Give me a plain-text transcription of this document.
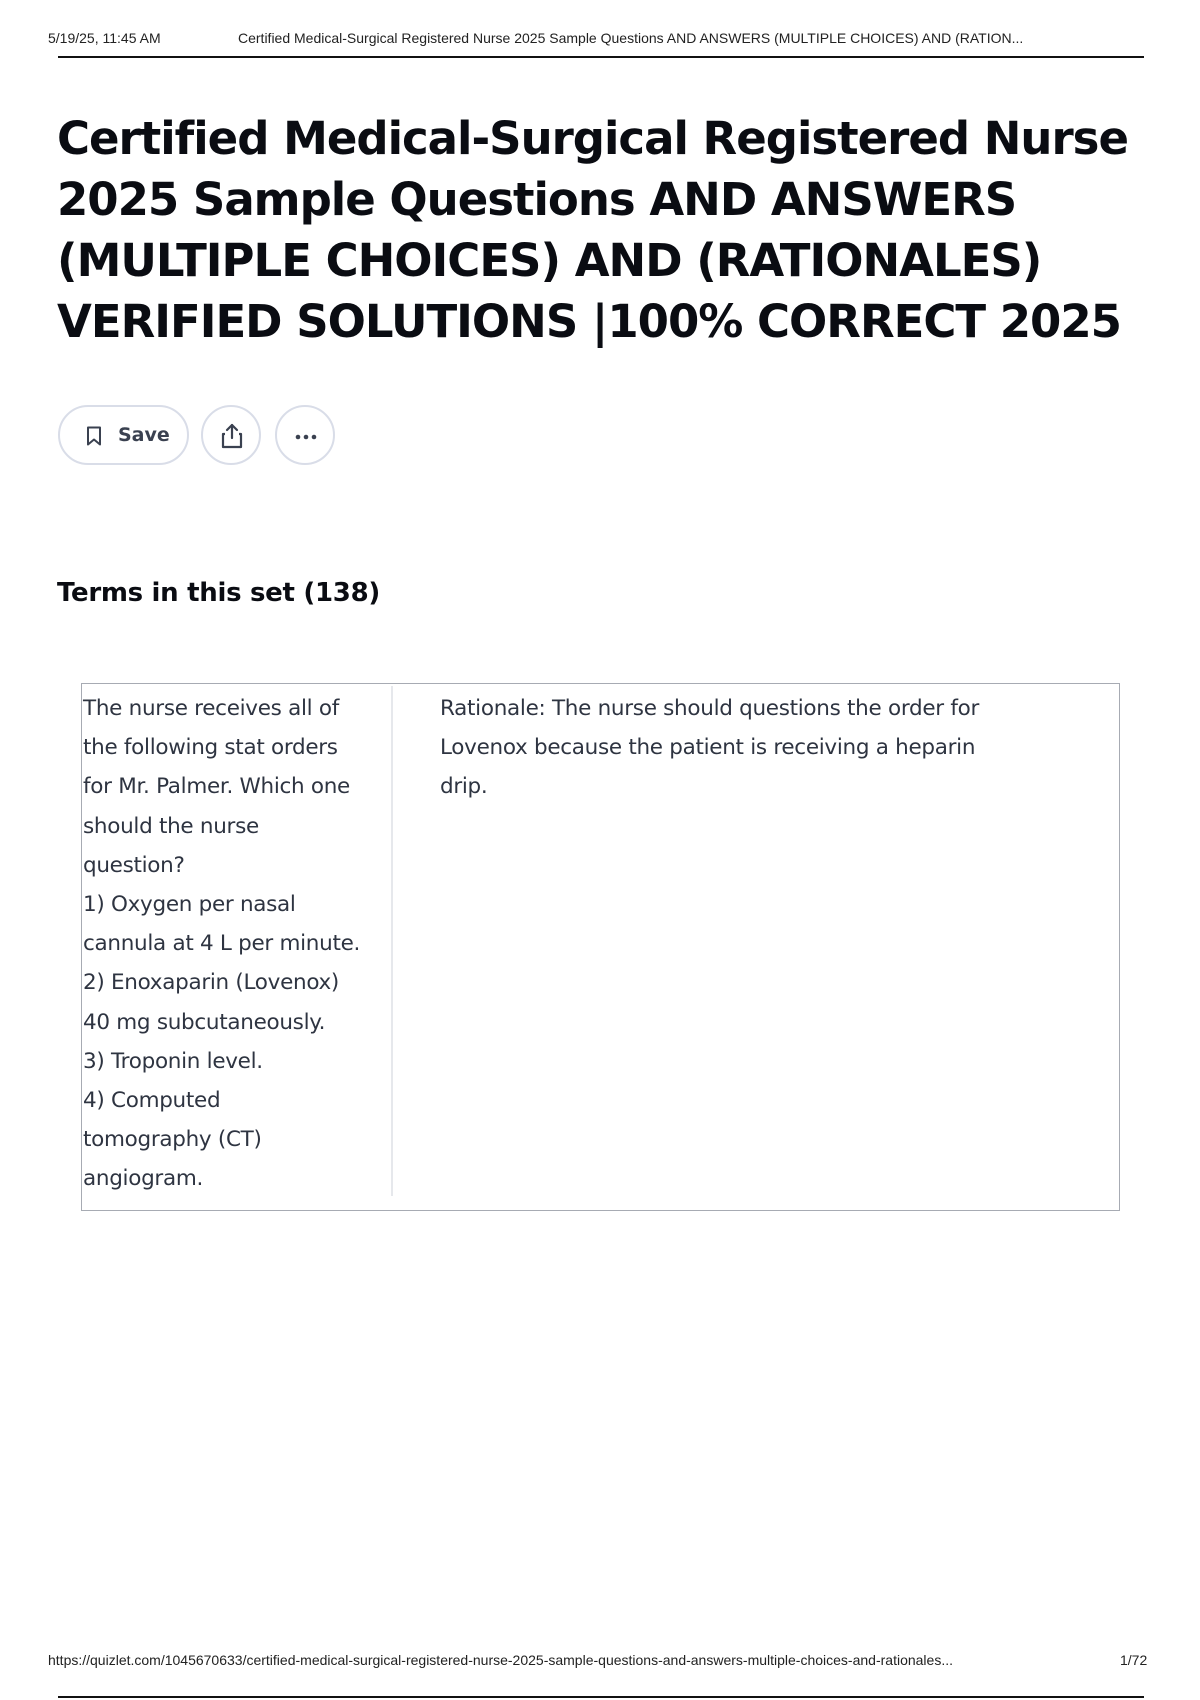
5/19/25, 11:45 AM	Certified Medical-Surgical Registered Nurse 2025 Sample Questions AND ANSWERS (MULTIPLE CHOICES) AND (RATION...
Certified Medical-Surgical Registered Nurse
2025 Sample Questions AND ANSWERS
(MULTIPLE CHOICES) AND (RATIONALES)
VERIFIED SOLUTIONS |100% CORRECT 2025
Save
Terms in this set (138)
The nurse receives all of
the following stat orders
for Mr. Palmer. Which one
should the nurse
question?
1) Oxygen per nasal
cannula at 4 L per minute.
2) Enoxaparin (Lovenox)
40 mg subcutaneously.
3) Troponin level.
4) Computed
tomography (CT)
angiogram.
Rationale: The nurse should questions the order for
Lovenox because the patient is receiving a heparin
drip.
https://quizlet.com/1045670633/certified-medical-surgical-registered-nurse-2025-sample-questions-and-answers-multiple-choices-and-rationales...	1/72
